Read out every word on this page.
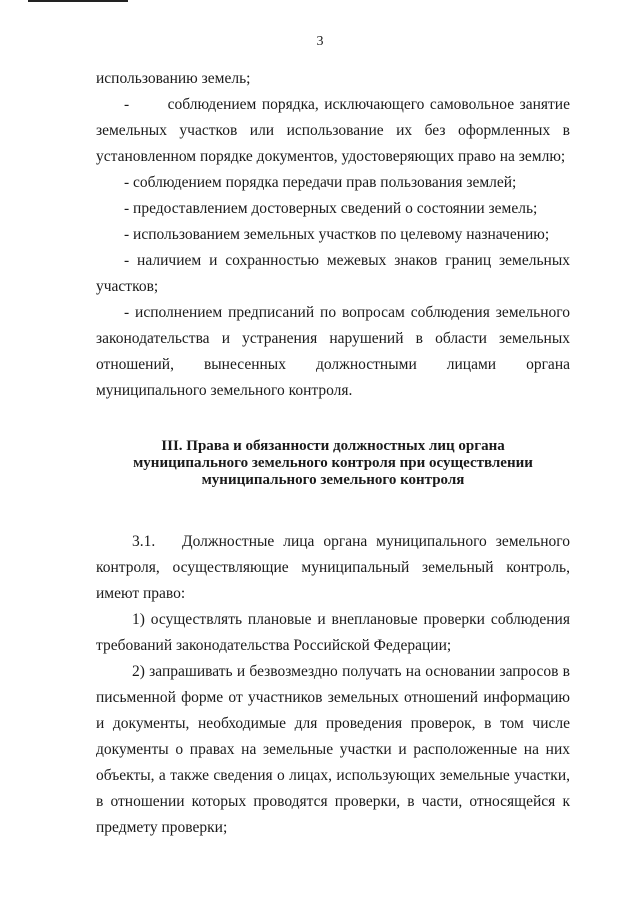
3

использованию земель;

-       соблюдением порядка, исключающего самовольное занятие земельных участков или использование их без оформленных в установленном порядке документов, удостоверяющих право на землю;

- соблюдением порядка передачи прав пользования землей;

- предоставлением достоверных сведений о состоянии земель;

- использованием земельных участков по целевому назначению;

- наличием и сохранностью межевых знаков границ земельных участков;

- исполнением предписаний по вопросам соблюдения земельного законодательства и устранения нарушений в области земельных отношений, вынесенных должностными лицами органа муниципального земельного контроля.

III. Права и обязанности должностных лиц органа
муниципального земельного контроля при осуществлении
муниципального земельного контроля

3.1.   Должностные лица органа муниципального земельного контроля, осуществляющие муниципальный земельный контроль, имеют право:

1) осуществлять плановые и внеплановые проверки соблюдения требований законодательства Российской Федерации;

2) запрашивать и безвозмездно получать на основании запросов в письменной форме от участников земельных отношений информацию и документы, необходимые для проведения проверок, в том числе документы о правах на земельные участки и расположенные на них объекты, а также сведения о лицах, использующих земельные участки, в отношении которых проводятся проверки, в части, относящейся к предмету проверки;
